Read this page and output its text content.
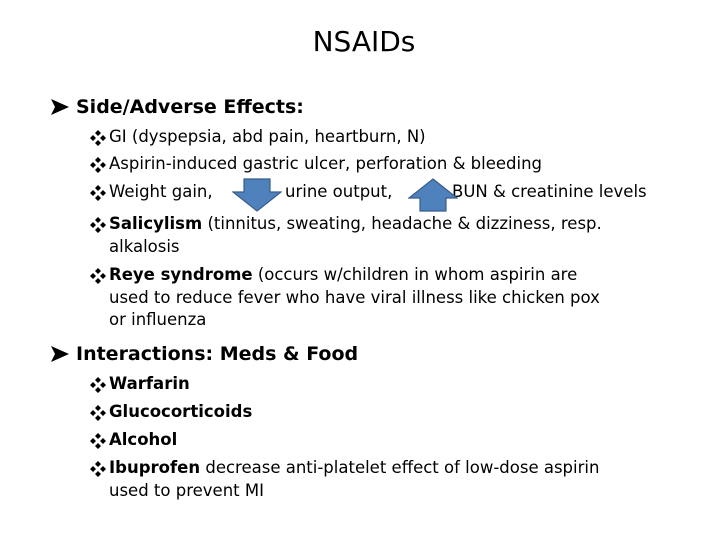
NSAIDs
Side/Adverse Effects:
GI (dyspepsia, abd pain, heartburn, N)
Aspirin-induced gastric ulcer, perforation & bleeding
Weight gain,	urine output,	BUN & creatinine levels
Salicylism (tinnitus, sweating, headache & dizziness, resp.
alkalosis
Reye syndrome (occurs w/children in whom aspirin are
used to reduce fever who have viral illness like chicken pox
or influenza
Interactions: Meds & Food
Warfarin
Glucocorticoids
Alcohol
Ibuprofen decrease anti-platelet effect of low-dose aspirin
used to prevent MI
